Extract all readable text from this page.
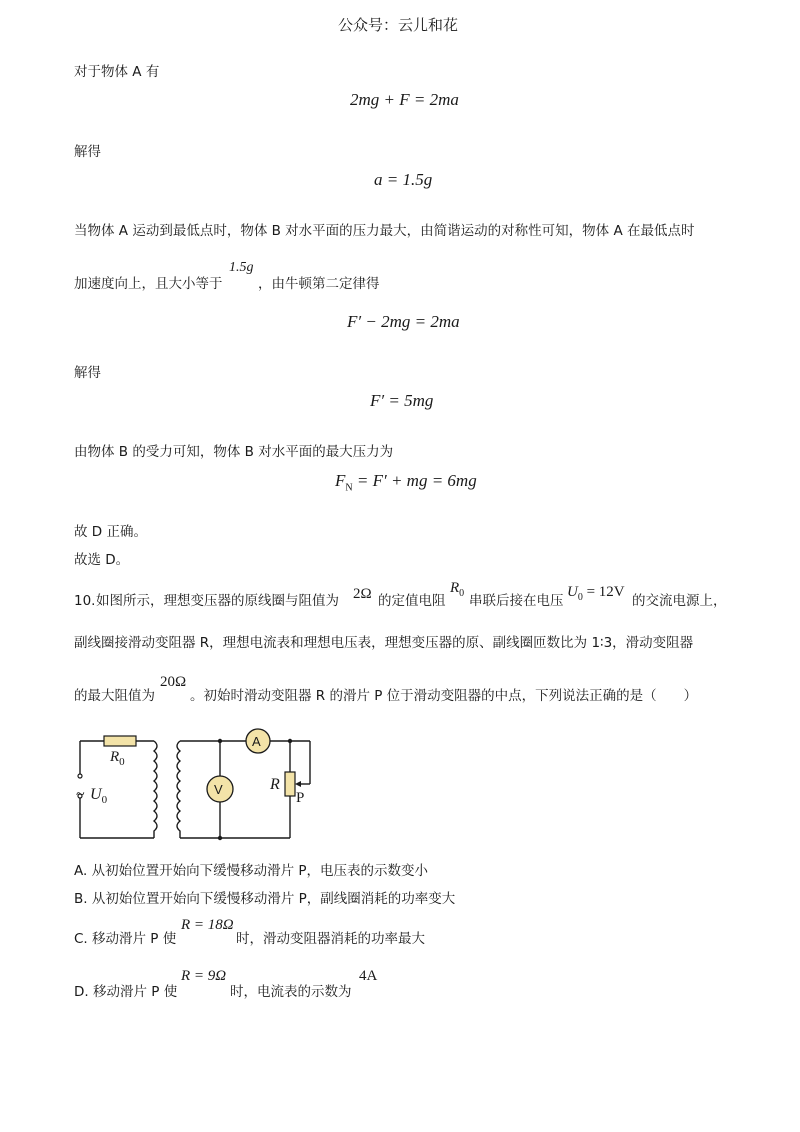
公众号：云儿和花
对于物体 A 有
2mg + F = 2ma
解得
a = 1.5g
当物体 A 运动到最低点时，物体 B 对水平面的压力最大，由简谐运动的对称性可知，物体 A 在最低点时
加速度向上，且大小等于
1.5g
，由牛顿第二定律得
F′ − 2mg = 2ma
解得
F′ = 5mg
由物体 B 的受力可知，物体 B 对水平面的最大压力为
$F_N = F'$ + mg = 6mg
故 D 正确。
故选 D。
10. 如图所示，理想变压器的原线圈与阻值为 2Ω 的定值电阻
$R_0$ 串联后接在电压
$U_0 = 12V$
的交流电源上，
副线圈接滑动变阻器 R，理想电流表和理想电压表，理想变压器的原、副线圈匝数比为 1∶3，滑动变阻器
的最大阻值为
20Ω
。初始时滑动变阻器 R 的滑片 P 位于滑动变阻器的中点，下列说法正确的是（　　）
$R_0$
~ $U_0$
A
V	R
P
A. 从初始位置开始向下缓慢移动滑片 P，电压表的示数变小
B. 从初始位置开始向下缓慢移动滑片 P，副线圈消耗的功率变大
C. 移动滑片 P 使
R = 18Ω
时，滑动变阻器消耗的功率最大
D. 移动滑片 P 使
R = 9Ω
时，电流表的示数为
4A
